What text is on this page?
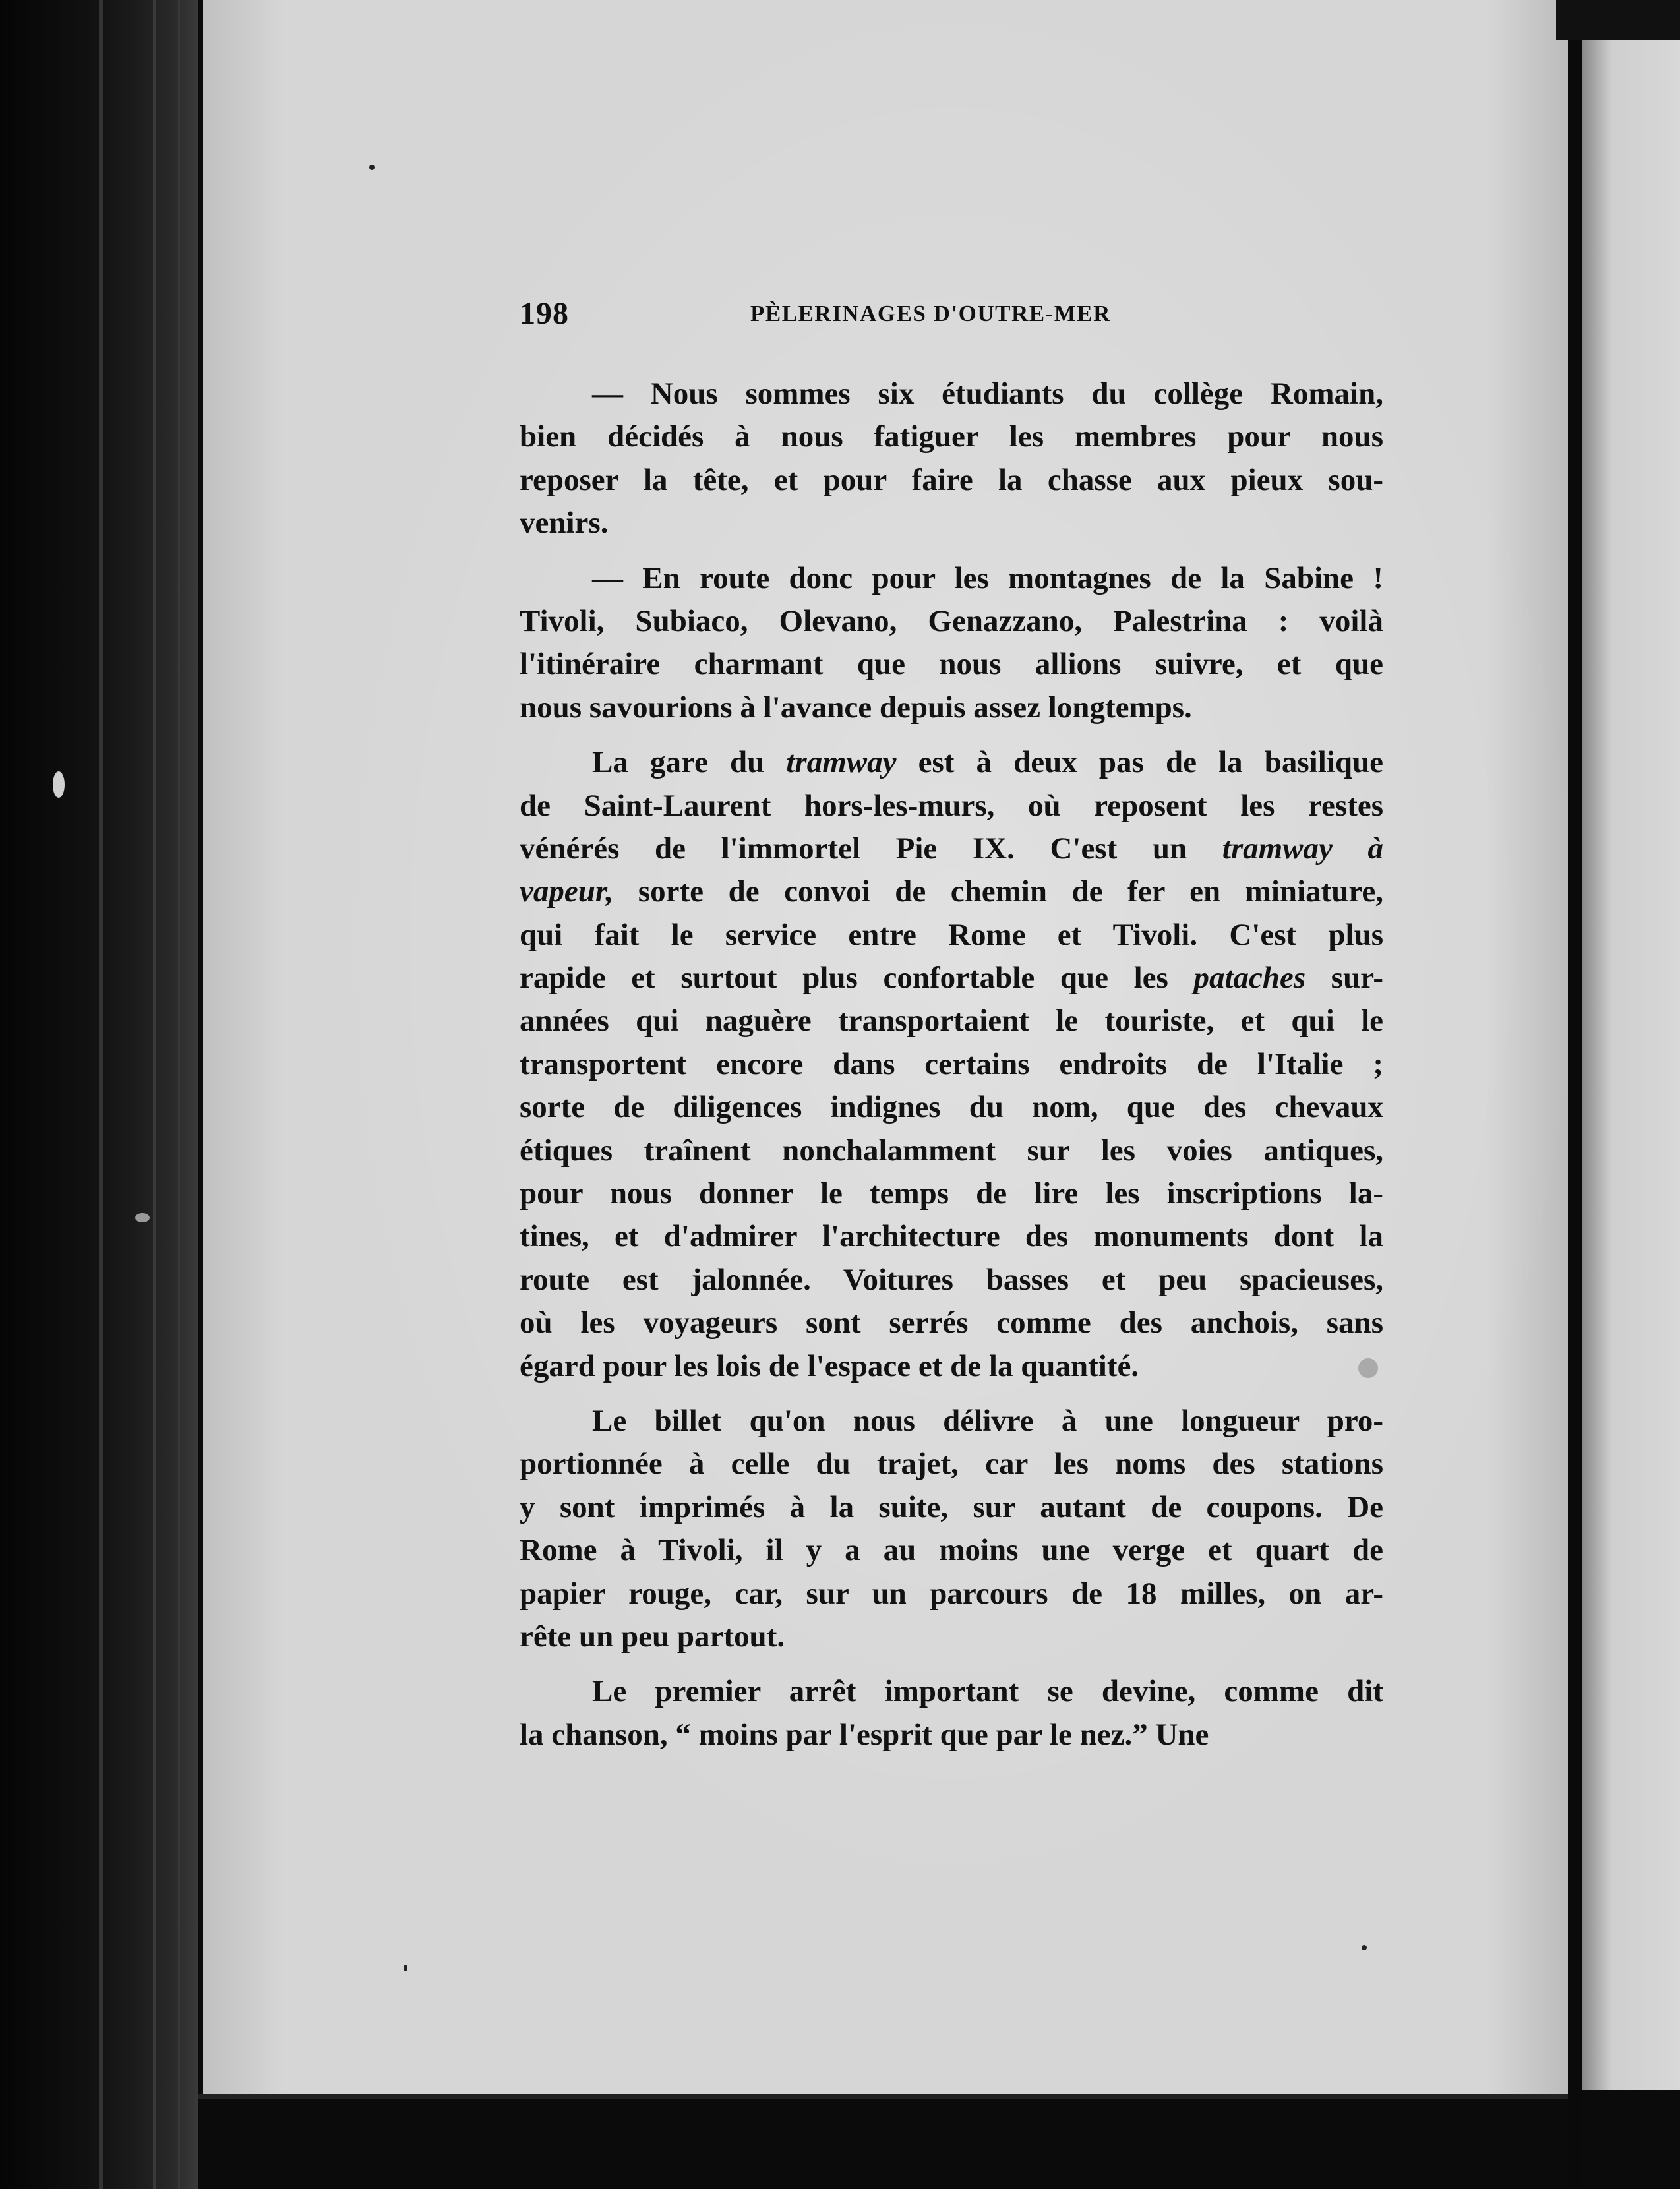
198	PÈLERINAGES D'OUTRE-MER
— Nous sommes six étudiants du collège Romain,
bien décidés à nous fatiguer les membres pour nous
reposer la tête, et pour faire la chasse aux pieux sou-
venirs.
— En route donc pour les montagnes de la Sabine !
Tivoli, Subiaco, Olevano, Genazzano, Palestrina : voilà
l'itinéraire charmant que nous allions suivre, et que
nous savourions à l'avance depuis assez longtemps.
La gare du tramway est à deux pas de la basilique
de Saint-Laurent hors-les-murs, où reposent les restes
vénérés de l'immortel Pie IX. C'est un tramway à
vapeur, sorte de convoi de chemin de fer en miniature,
qui fait le service entre Rome et Tivoli. C'est plus
rapide et surtout plus confortable que les pataches sur-
années qui naguère transportaient le touriste, et qui le
transportent encore dans certains endroits de l'Italie ;
sorte de diligences indignes du nom, que des chevaux
étiques traînent nonchalamment sur les voies antiques,
pour nous donner le temps de lire les inscriptions la-
tines, et d'admirer l'architecture des monuments dont la
route est jalonnée. Voitures basses et peu spacieuses,
où les voyageurs sont serrés comme des anchois, sans
égard pour les lois de l'espace et de la quantité.
Le billet qu'on nous délivre à une longueur pro-
portionnée à celle du trajet, car les noms des stations
y sont imprimés à la suite, sur autant de coupons. De
Rome à Tivoli, il y a au moins une verge et quart de
papier rouge, car, sur un parcours de 18 milles, on ar-
rête un peu partout.
Le premier arrêt important se devine, comme dit
la chanson, “ moins par l'esprit que par le nez.” Une
